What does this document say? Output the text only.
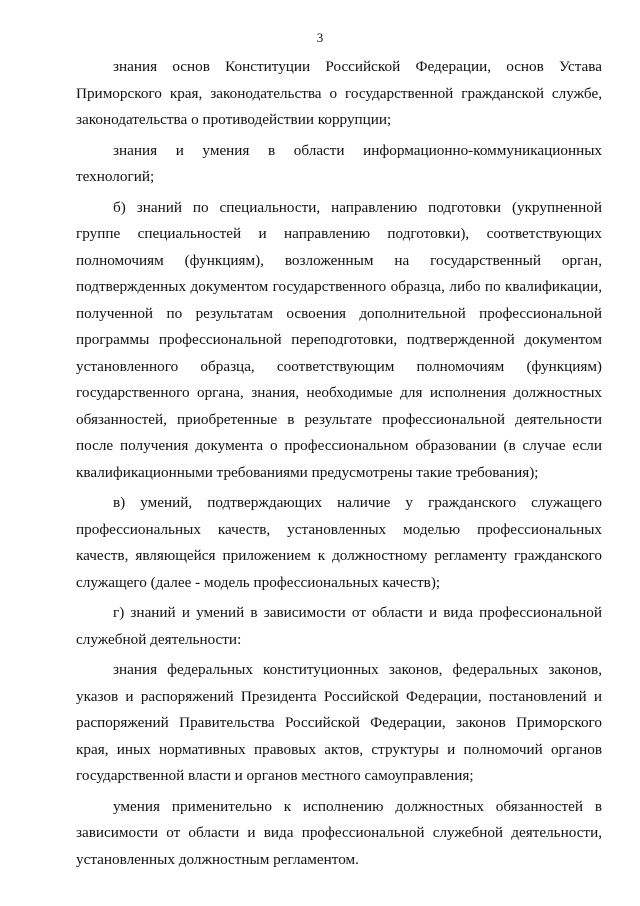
3

знания основ Конституции Российской Федерации, основ Устава Приморского края, законодательства о государственной гражданской службе, законодательства о противодействии коррупции;

знания и умения в области информационно-коммуникационных технологий;

б) знаний по специальности, направлению подготовки (укрупненной группе специальностей и направлению подготовки), соответствующих полномочиям (функциям), возложенным на государственный орган, подтвержденных документом государственного образца, либо по квалификации, полученной по результатам освоения дополнительной профессиональной программы профессиональной переподготовки, подтвержденной документом установленного образца, соответствующим полномочиям (функциям) государственного органа, знания, необходимые для исполнения должностных обязанностей, приобретенные в результате профессиональной деятельности после получения документа о профессиональном образовании (в случае если квалификационными требованиями предусмотрены такие требования);

в) умений, подтверждающих наличие у гражданского служащего профессиональных качеств, установленных моделью профессиональных качеств, являющейся приложением к должностному регламенту гражданского служащего (далее - модель профессиональных качеств);

г) знаний и умений в зависимости от области и вида профессиональной служебной деятельности:

знания федеральных конституционных законов, федеральных законов, указов и распоряжений Президента Российской Федерации, постановлений и распоряжений Правительства Российской Федерации, законов Приморского края, иных нормативных правовых актов, структуры и полномочий органов государственной власти и органов местного самоуправления;

умения применительно к исполнению должностных обязанностей в зависимости от области и вида профессиональной служебной деятельности, установленных должностным регламентом.
